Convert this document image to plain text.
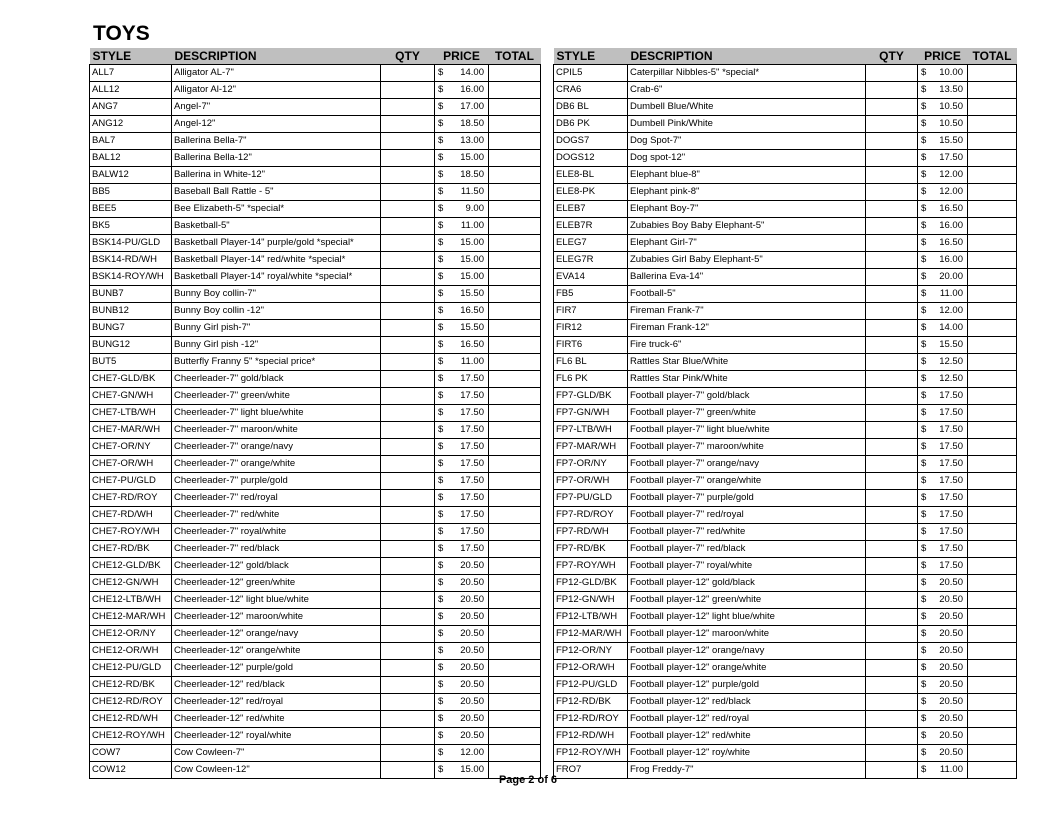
TOYS
STYLE	DESCRIPTION	QTY	PRICE	TOTAL
ALL7	Alligator AL-7"		$ 14.00	

ALL12	Alligator Al-12"		$ 16.00	

ANG7	Angel-7"		$ 17.00	

ANG12	Angel-12"		$ 18.50	

BAL7	Ballerina Bella-7"		$ 13.00	

BAL12	Ballerina Bella-12"		$ 15.00	

BALW12	Ballerina in White-12"		$ 18.50	

BB5	Baseball Ball Rattle - 5"		$ 11.50	

BEE5	Bee Elizabeth-5" *special*		$ 9.00	

BK5	Basketball-5"		$ 11.00	

BSK14-PU/GLD	Basketball Player-14" purple/gold *special*		$ 15.00	

BSK14-RD/WH	Basketball Player-14" red/white *special*		$ 15.00	

BSK14-ROY/WH	Basketball Player-14" royal/white *special*		$ 15.00	

BUNB7	Bunny Boy collin-7"		$ 15.50	

BUNB12	Bunny Boy collin -12"		$ 16.50	

BUNG7	Bunny Girl pish-7"		$ 15.50	

BUNG12	Bunny Girl pish -12"		$ 16.50	

BUT5	Butterfly Franny 5" *special price*		$ 11.00	

CHE7-GLD/BK	Cheerleader-7" gold/black		$ 17.50	

CHE7-GN/WH	Cheerleader-7" green/white		$ 17.50	

CHE7-LTB/WH	Cheerleader-7" light blue/white		$ 17.50	

CHE7-MAR/WH	Cheerleader-7" maroon/white		$ 17.50	

CHE7-OR/NY	Cheerleader-7" orange/navy		$ 17.50	

CHE7-OR/WH	Cheerleader-7" orange/white		$ 17.50	

CHE7-PU/GLD	Cheerleader-7" purple/gold		$ 17.50	

CHE7-RD/ROY	Cheerleader-7" red/royal		$ 17.50	

CHE7-RD/WH	Cheerleader-7" red/white		$ 17.50	

CHE7-ROY/WH	Cheerleader-7" royal/white		$ 17.50	

CHE7-RD/BK	Cheerleader-7" red/black		$ 17.50	

CHE12-GLD/BK	Cheerleader-12" gold/black		$ 20.50	

CHE12-GN/WH	Cheerleader-12" green/white		$ 20.50	

CHE12-LTB/WH	Cheerleader-12" light blue/white		$ 20.50	

CHE12-MAR/WH	Cheerleader-12" maroon/white		$ 20.50	

CHE12-OR/NY	Cheerleader-12" orange/navy		$ 20.50	

CHE12-OR/WH	Cheerleader-12" orange/white		$ 20.50	

CHE12-PU/GLD	Cheerleader-12" purple/gold		$ 20.50	

CHE12-RD/BK	Cheerleader-12" red/black		$ 20.50	

CHE12-RD/ROY	Cheerleader-12" red/royal		$ 20.50	

CHE12-RD/WH	Cheerleader-12" red/white		$ 20.50	

CHE12-ROY/WH	Cheerleader-12" royal/white		$ 20.50	

COW7	Cow Cowleen-7"		$ 12.00	

COW12	Cow Cowleen-12"		$ 15.00	

STYLE	DESCRIPTION	QTY	PRICE	TOTAL
CPIL5	Caterpillar Nibbles-5" *special*		$ 10.00	

CRA6	Crab-6"		$ 13.50	

DB6 BL	Dumbell Blue/White		$ 10.50	

DB6 PK	Dumbell Pink/White		$ 10.50	

DOGS7	Dog Spot-7"		$ 15.50	

DOGS12	Dog spot-12"		$ 17.50	

ELE8-BL	Elephant blue-8"		$ 12.00	

ELE8-PK	Elephant pink-8"		$ 12.00	

ELEB7	Elephant Boy-7"		$ 16.50	

ELEB7R	Zubabies Boy Baby Elephant-5"		$ 16.00	

ELEG7	Elephant Girl-7"		$ 16.50	

ELEG7R	Zubabies Girl Baby Elephant-5"		$ 16.00	

EVA14	Ballerina Eva-14"		$ 20.00	

FB5	Football-5"		$ 11.00	

FIR7	Fireman Frank-7"		$ 12.00	

FIR12	Fireman Frank-12"		$ 14.00	

FIRT6	Fire truck-6"		$ 15.50	

FL6 BL	Rattles Star Blue/White		$ 12.50	

FL6 PK	Rattles Star Pink/White		$ 12.50	

FP7-GLD/BK	Football player-7" gold/black		$ 17.50	

FP7-GN/WH	Football player-7" green/white		$ 17.50	

FP7-LTB/WH	Football player-7" light blue/white		$ 17.50	

FP7-MAR/WH	Football player-7" maroon/white		$ 17.50	

FP7-OR/NY	Football player-7" orange/navy		$ 17.50	

FP7-OR/WH	Football player-7" orange/white		$ 17.50	

FP7-PU/GLD	Football player-7" purple/gold		$ 17.50	

FP7-RD/ROY	Football player-7" red/royal		$ 17.50	

FP7-RD/WH	Football player-7" red/white		$ 17.50	

FP7-RD/BK	Football player-7" red/black		$ 17.50	

FP7-ROY/WH	Football player-7" royal/white		$ 17.50	

FP12-GLD/BK	Football player-12" gold/black		$ 20.50	

FP12-GN/WH	Football player-12" green/white		$ 20.50	

FP12-LTB/WH	Football player-12" light blue/white		$ 20.50	

FP12-MAR/WH	Football player-12" maroon/white		$ 20.50	

FP12-OR/NY	Football player-12" orange/navy		$ 20.50	

FP12-OR/WH	Football player-12" orange/white		$ 20.50	

FP12-PU/GLD	Football player-12" purple/gold		$ 20.50	

FP12-RD/BK	Football player-12" red/black		$ 20.50	

FP12-RD/ROY	Football player-12" red/royal		$ 20.50	

FP12-RD/WH	Football player-12" red/white		$ 20.50	

FP12-ROY/WH	Football player-12" roy/white		$ 20.50	

FRO7	Frog Freddy-7"		$ 11.00	

Page 2 of 6
